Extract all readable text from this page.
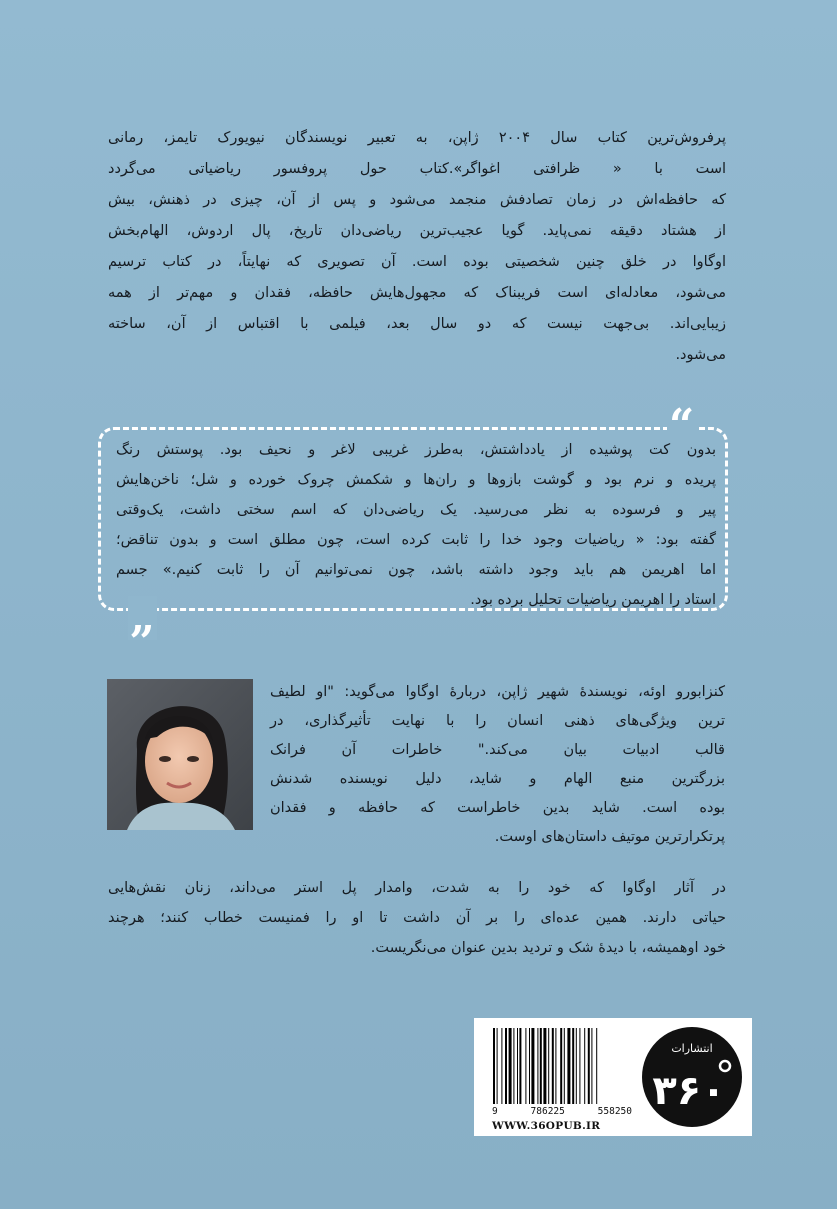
پرفروش‌ترین کتاب سال ۲۰۰۴ ژاپن، به تعبیر نویسندگان نیویورک تایمز، رمانی
است با « ظرافتی اغواگر».کتاب حول پروفسور ریاضیاتی می‌گردد
که حافظه‌اش در زمان تصادفش منجمد می‌شود و پس از آن، چیزی در ذهنش، بیش
از هشتاد دقیقه نمی‌پاید. گویا عجیب‌ترین ریاضی‌دان تاریخ، پال اردوش، الهام‌بخش
اوگاوا در خلق چنین شخصیتی بوده است. آن تصویری که نهایتاً، در کتاب ترسیم
می‌شود، معادله‌ای است فریبناک که مجهول‌هایش حافظه، فقدان و مهم‌تر از همه
زیبایی‌اند. بی‌جهت نیست که دو سال بعد، فیلمی با اقتباس از آن، ساخته
می‌شود.
“
„
بدون کت پوشیده از یادداشتش، به‌طرز غریبی لاغر و نحیف بود. پوستش رنگ
پریده و نرم بود و گوشت بازوها و ران‌ها و شکمش چروک خورده و شل؛ ناخن‌هایش
پیر و فرسوده به نظر می‌رسید. یک ریاضی‌دان که اسم سختی داشت، یک‌وقتی
گفته بود: « ریاضیات وجود خدا را ثابت کرده است، چون مطلق است و بدون تناقض؛
اما اهریمن هم باید وجود داشته باشد، چون نمی‌توانیم آن را ثابت کنیم.» جسم
استاد را اهریمن ریاضیات تحلیل برده بود.
کنزابورو اوئه، نویسندهٔ شهیر ژاپن، دربارهٔ اوگاوا می‌گوید: "او لطیف
ترین ویژگی‌های ذهنی انسان را با نهایت تأثیرگذاری، در
قالب ادبیات بیان می‌کند." خاطرات آن فرانک
بزرگترین منبع الهام و شاید، دلیل نویسنده شدنش
بوده است. شاید بدین خاطراست که حافظه و فقدان
پرتکرارترین موتیف داستان‌های اوست.
در آثار اوگاوا که خود را به شدت، وامدار پل استر می‌داند، زنان نقش‌هایی
حیاتی دارند. همین عده‌ای را بر آن داشت تا او را فمنیست خطاب کنند؛ هرچند
خود اوهمیشه، با دیدهٔ شک و تردید بدین عنوان می‌نگریست.
9	786225	558250
WWW.36OPUB.IR
انتشارات
۳۶۰
